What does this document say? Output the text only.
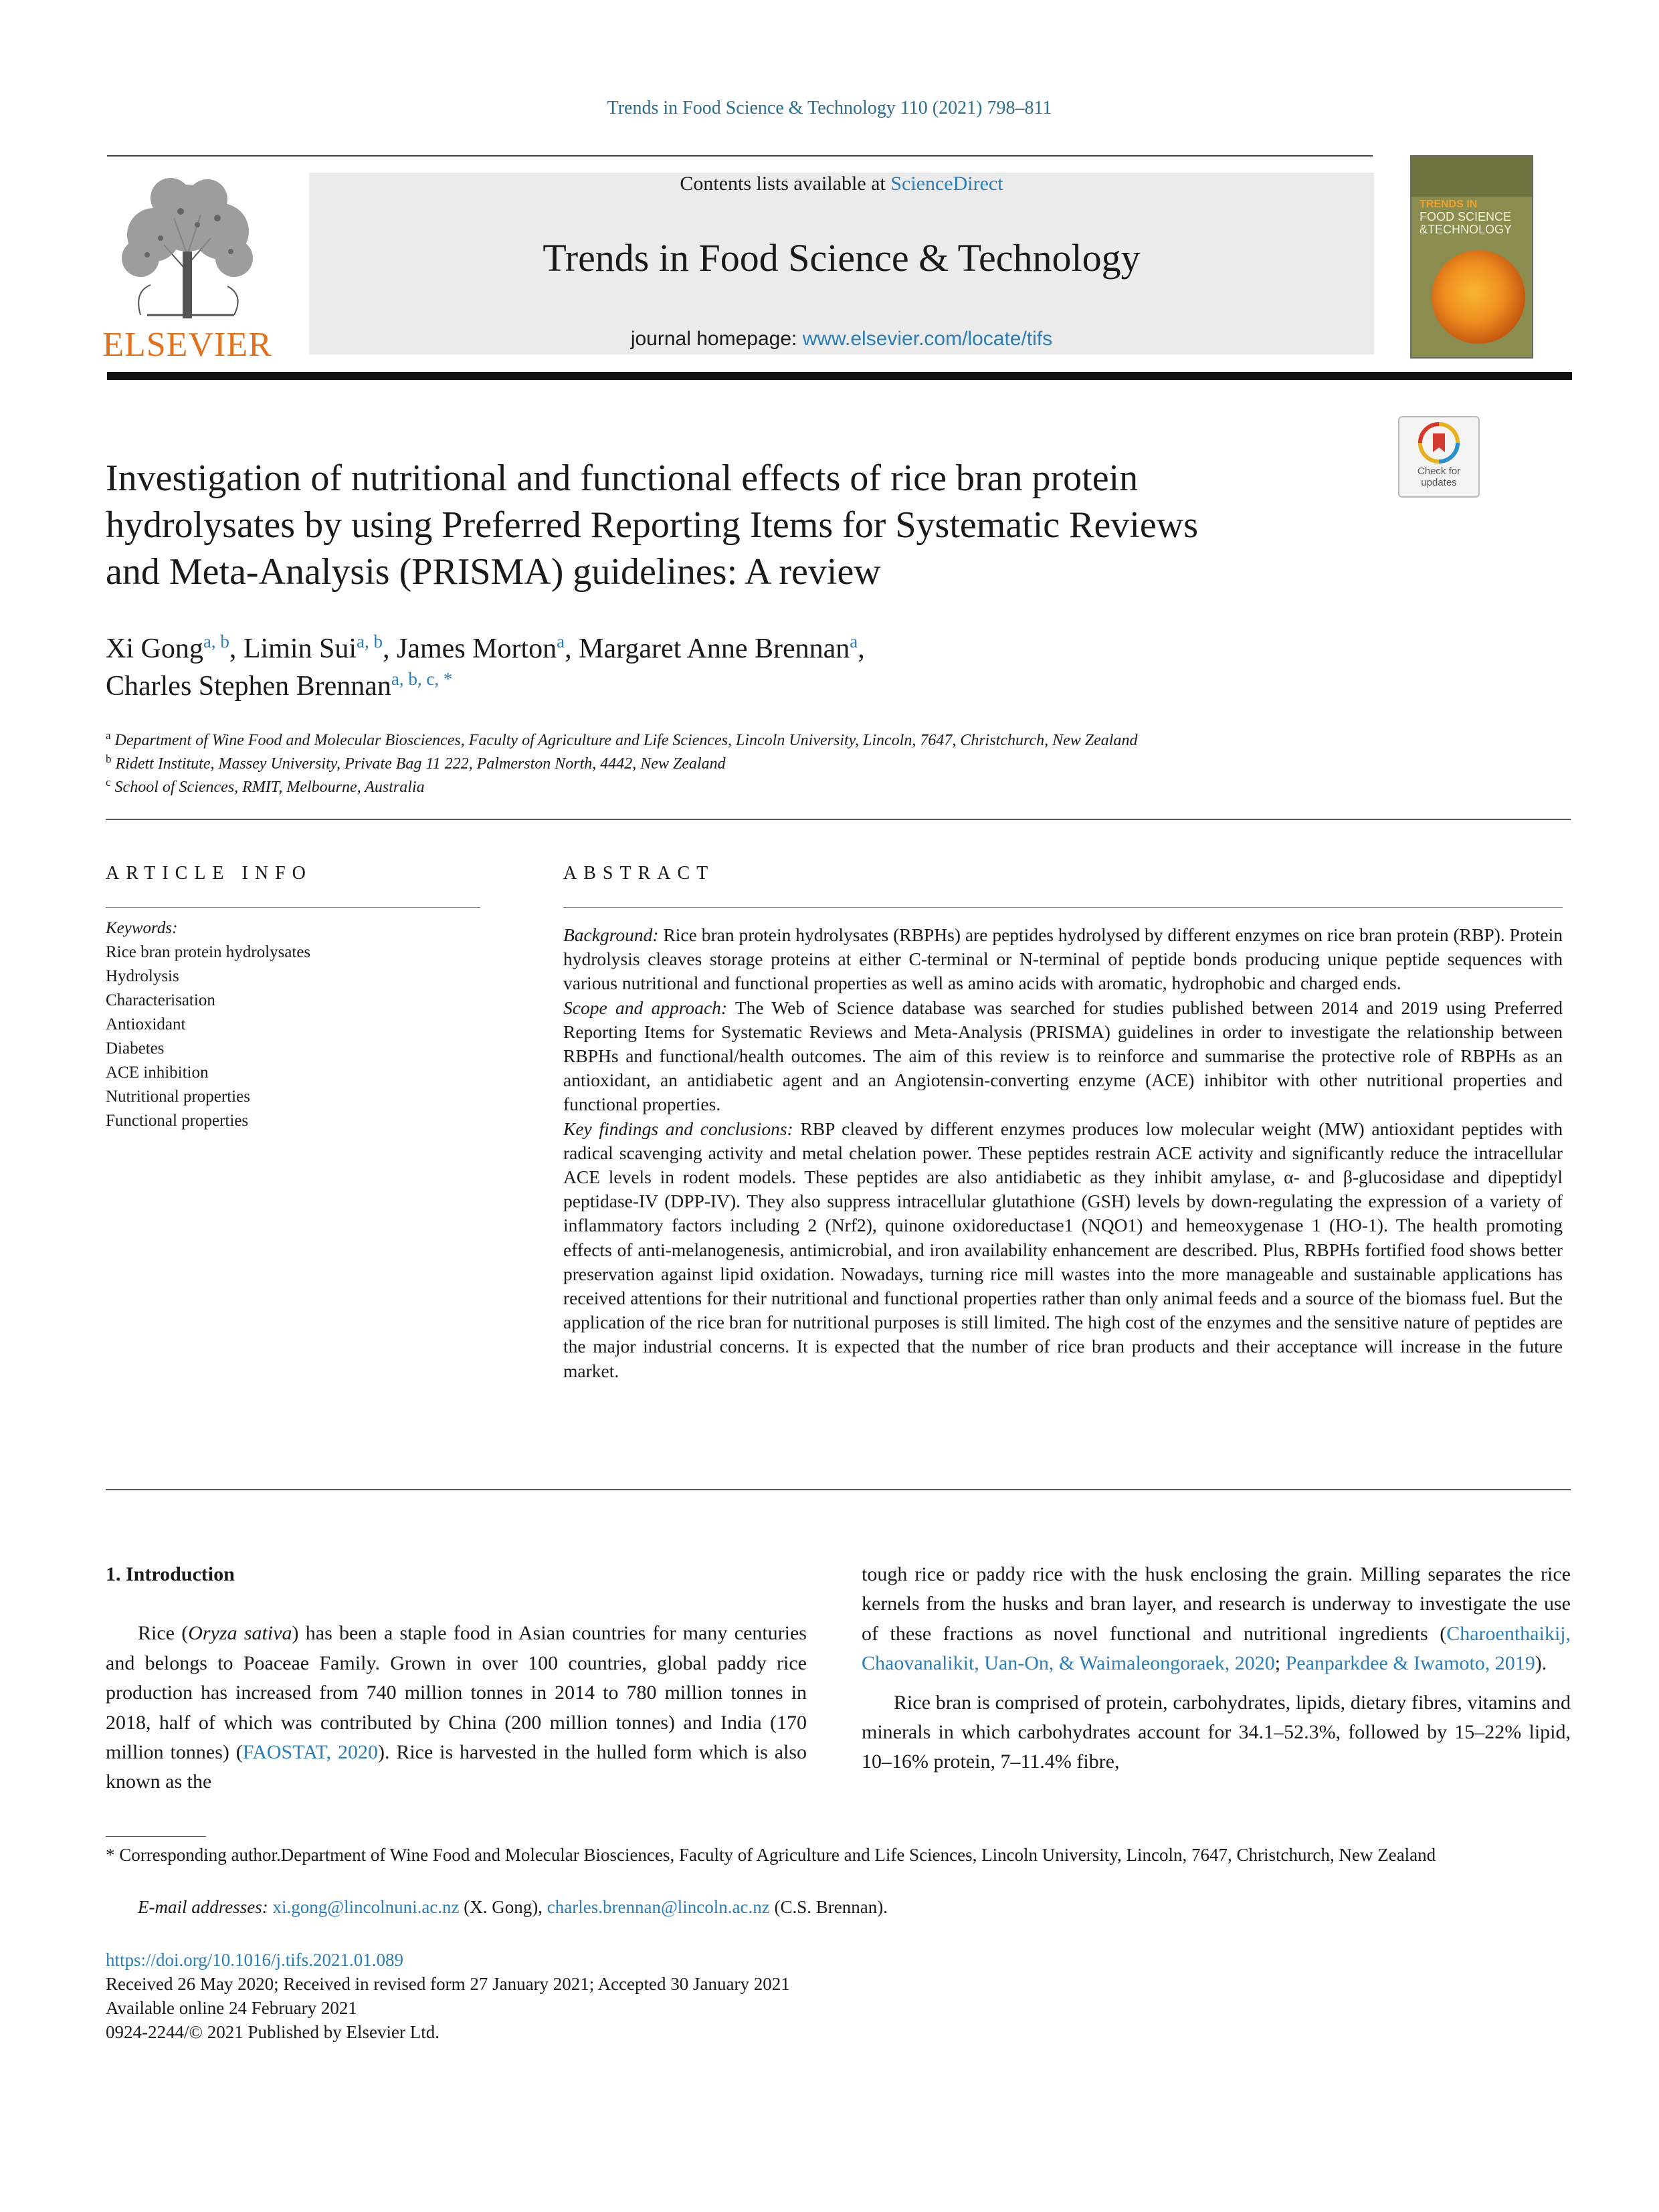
Trends in Food Science & Technology 110 (2021) 798–811
ELSEVIER
Contents lists available at ScienceDirect
Trends in Food Science & Technology
journal homepage: www.elsevier.com/locate/tifs
TRENDS IN
FOOD SCIENCE
&TECHNOLOGY
Check for updates
Investigation of nutritional and functional effects of rice bran protein
hydrolysates by using Preferred Reporting Items for Systematic Reviews
and Meta-Analysis (PRISMA) guidelines: A review
Xi Gong$^{a, b}$, Limin Sui$^{a, b}$, James Morton$^a$, Margaret Anne Brennan$^a$,
Charles Stephen Brennan$^{a, b, c, *}$
$^a$ Department of Wine Food and Molecular Biosciences, Faculty of Agriculture and Life Sciences, Lincoln University, Lincoln, 7647, Christchurch, New Zealand
$^b$ Ridett Institute, Massey University, Private Bag 11 222, Palmerston North, 4442, New Zealand
$^c$ School of Sciences, RMIT, Melbourne, Australia
ARTICLE INFO
Keywords:
Rice bran protein hydrolysates
Hydrolysis
Characterisation
Antioxidant
Diabetes
ACE inhibition
Nutritional properties
Functional properties
ABSTRACT
Background: Rice bran protein hydrolysates (RBPHs) are peptides hydrolysed by different enzymes on rice bran protein (RBP). Protein hydrolysis cleaves storage proteins at either C-terminal or N-terminal of peptide bonds producing unique peptide sequences with various nutritional and functional properties as well as amino acids with aromatic, hydrophobic and charged ends.
Scope and approach: The Web of Science database was searched for studies published between 2014 and 2019 using Preferred Reporting Items for Systematic Reviews and Meta-Analysis (PRISMA) guidelines in order to investigate the relationship between RBPHs and functional/health outcomes. The aim of this review is to reinforce and summarise the protective role of RBPHs as an antioxidant, an antidiabetic agent and an Angiotensin-converting enzyme (ACE) inhibitor with other nutritional properties and functional properties.
Key findings and conclusions: RBP cleaved by different enzymes produces low molecular weight (MW) antioxidant peptides with radical scavenging activity and metal chelation power. These peptides restrain ACE activity and significantly reduce the intracellular ACE levels in rodent models. These peptides are also antidiabetic as they inhibit amylase, α- and β-glucosidase and dipeptidyl peptidase-IV (DPP-IV). They also suppress intracellular glutathione (GSH) levels by down-regulating the expression of a variety of inflammatory factors including 2 (Nrf2), quinone oxidoreductase1 (NQO1) and hemeoxygenase 1 (HO-1). The health promoting effects of anti-melanogenesis, antimicrobial, and iron availability enhancement are described. Plus, RBPHs fortified food shows better preservation against lipid oxidation. Nowadays, turning rice mill wastes into the more manageable and sustainable applications has received attentions for their nutritional and functional properties rather than only animal feeds and a source of the biomass fuel. But the application of the rice bran for nutritional purposes is still limited. The high cost of the enzymes and the sensitive nature of peptides are the major industrial concerns. It is expected that the number of rice bran products and their acceptance will increase in the future market.

1. Introduction

Rice (Oryza sativa) has been a staple food in Asian countries for many centuries and belongs to Poaceae Family. Grown in over 100 countries, global paddy rice production has increased from 740 million tonnes in 2014 to 780 million tonnes in 2018, half of which was contributed by China (200 million tonnes) and India (170 million tonnes) (FAOSTAT, 2020). Rice is harvested in the hulled form which is also known as the

tough rice or paddy rice with the husk enclosing the grain. Milling separates the rice kernels from the husks and bran layer, and research is underway to investigate the use of these fractions as novel functional and nutritional ingredients (Charoenthaikij, Chaovanalikit, Uan-On, & Waimaleongoraek, 2020; Peanparkdee & Iwamoto, 2019).

Rice bran is comprised of protein, carbohydrates, lipids, dietary fibres, vitamins and minerals in which carbohydrates account for 34.1–52.3%, followed by 15–22% lipid, 10–16% protein, 7–11.4% fibre,

* Corresponding author.Department of Wine Food and Molecular Biosciences, Faculty of Agriculture and Life Sciences, Lincoln University, Lincoln, 7647, Christchurch, New Zealand
E-mail addresses: xi.gong@lincolnuni.ac.nz (X. Gong), charles.brennan@lincoln.ac.nz (C.S. Brennan).
https://doi.org/10.1016/j.tifs.2021.01.089
Received 26 May 2020; Received in revised form 27 January 2021; Accepted 30 January 2021
Available online 24 February 2021
0924-2244/© 2021 Published by Elsevier Ltd.
